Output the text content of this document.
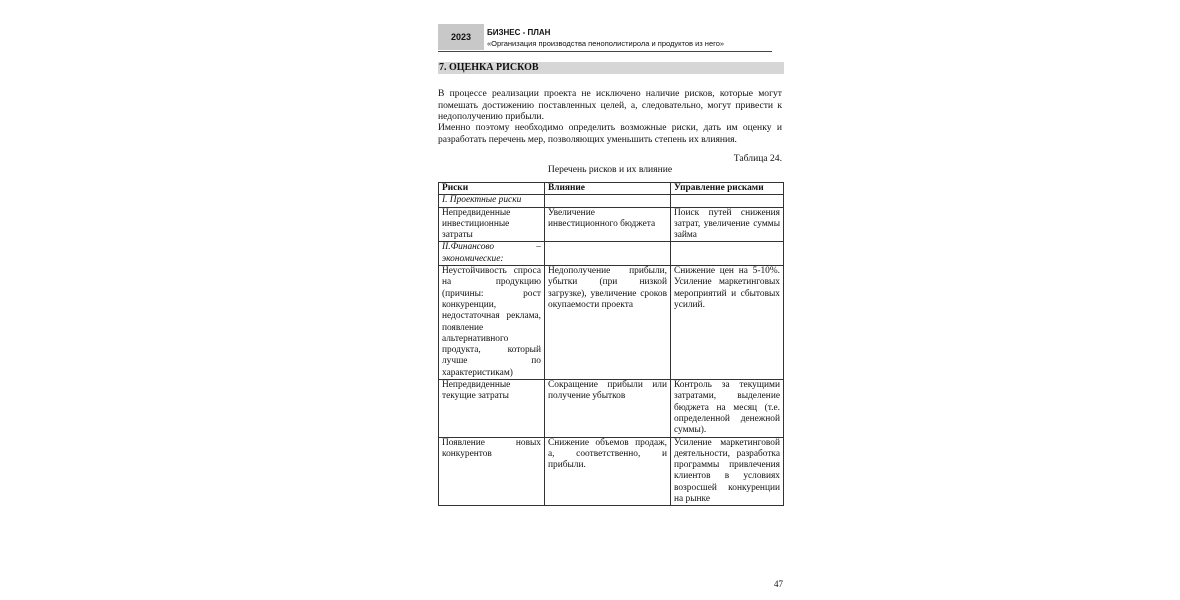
2023	БИЗНЕС - ПЛАН
«Организация производства пенополистирола и продуктов из него»
7. ОЦЕНКА РИСКОВ

В процессе реализации проекта не исключено наличие рисков, которые могут помешать достижению поставленных целей, а, следовательно, могут привести к недополучению прибыли.

Именно поэтому необходимо определить возможные риски, дать им оценку и разработать перечень мер, позволяющих уменьшить степень их влияния.

Таблица 24.
Перечень рисков и их влияние
Риски	Влияние	Управление рисками
I. Проектные риски		
Непредвиденные инвестиционные затраты	Увеличение инвестиционного бюджета	Поиск путей снижения затрат, увеличение суммы займа
II.Финансово – экономические:		
Неустойчивость спроса на продукцию (причины: рост конкуренции, недостаточная реклама, появление альтернативного продукта, который лучше по характеристикам)	Недополучение прибыли, убытки (при низкой загрузке), увеличение сроков окупаемости проекта	Снижение цен на 5-10%. Усиление маркетинговых мероприятий и сбытовых усилий.
Непредвиденные текущие затраты	Сокращение прибыли или получение убытков	Контроль за текущими затратами, выделение бюджета на месяц (т.е. определенной денежной суммы).
Появление новых конкурентов	Снижение объемов продаж, а, соответственно, и прибыли.	Усиление маркетинговой деятельности, разработка программы привлечения клиентов в условиях возросшей конкуренции на рынке
47
